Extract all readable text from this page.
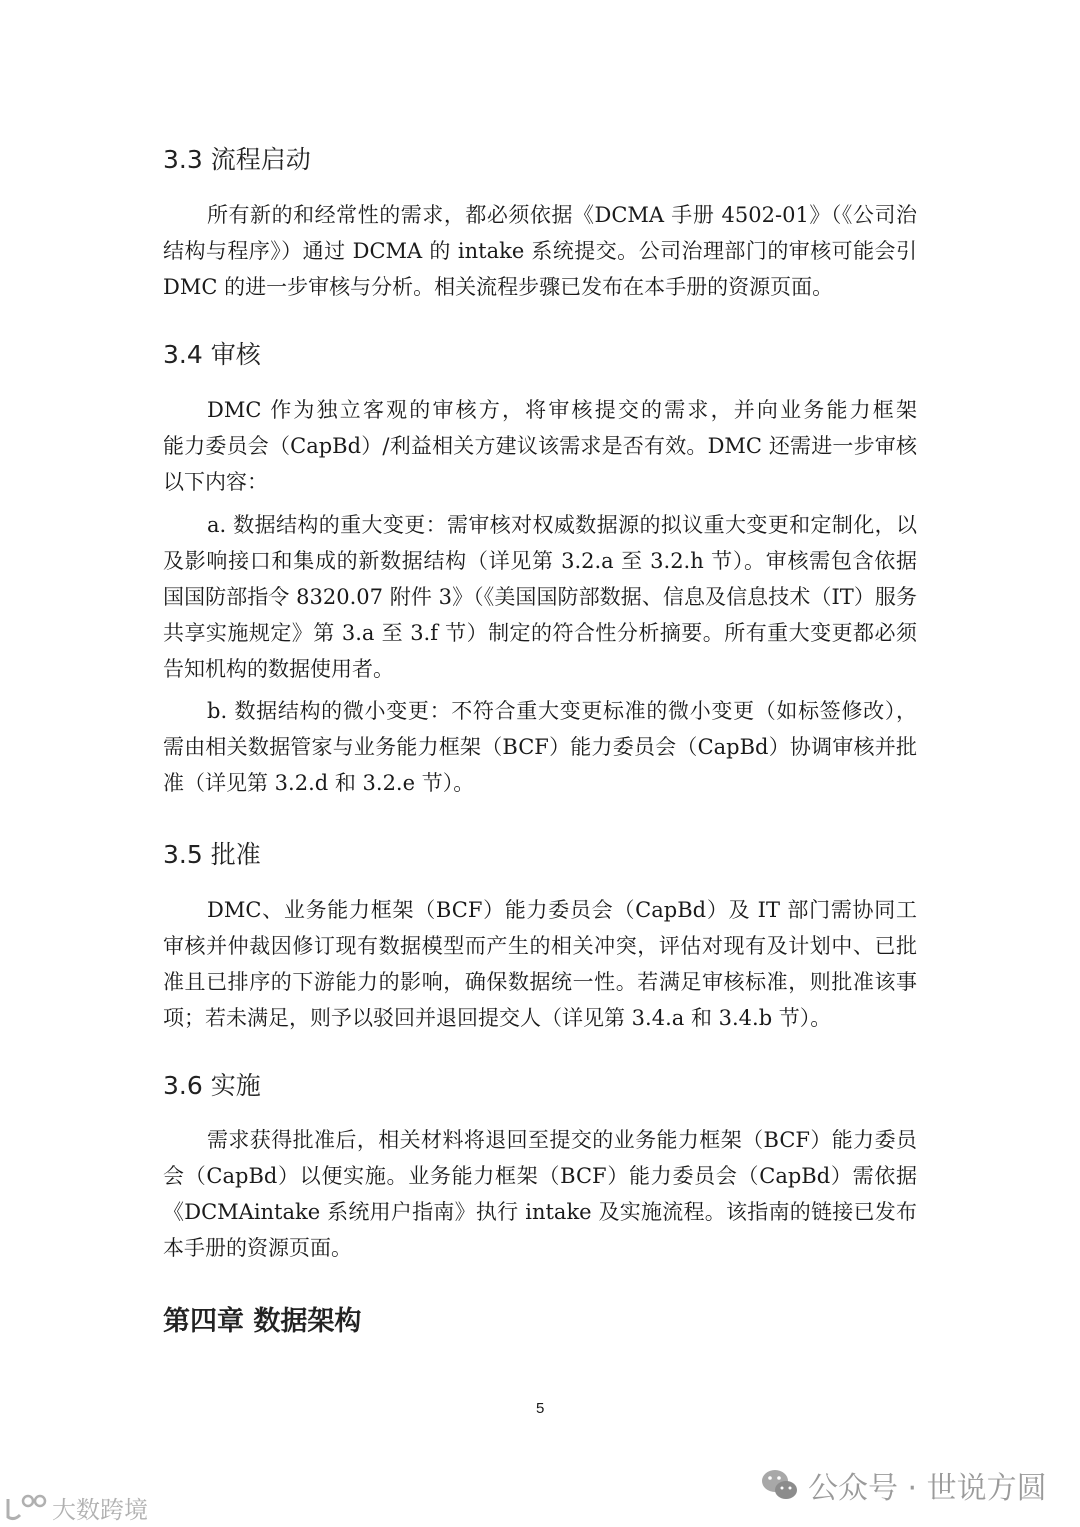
3.3 流程启动
所有新的和经常性的需求，都必须依据《DCMA 手册 4502-01》（《公司治
结构与程序》）通过 DCMA 的 intake 系统提交。公司治理部门的审核可能会引
DMC 的进一步审核与分析。相关流程步骤已发布在本手册的资源页面。
3.4 审核
DMC 作为独立客观的审核方，将审核提交的需求，并向业务能力框架
能力委员会（CapBd）/利益相关方建议该需求是否有效。DMC 还需进一步审核
以下内容：
a. 数据结构的重大变更：需审核对权威数据源的拟议重大变更和定制化，以
及影响接口和集成的新数据结构（详见第 3.2.a 至 3.2.h 节）。审核需包含依据
国国防部指令 8320.07 附件 3》（《美国国防部数据、信息及信息技术（IT）服务
共享实施规定》第 3.a 至 3.f 节）制定的符合性分析摘要。所有重大变更都必须
告知机构的数据使用者。
b. 数据结构的微小变更：不符合重大变更标准的微小变更（如标签修改），
需由相关数据管家与业务能力框架（BCF）能力委员会（CapBd）协调审核并批
准（详见第 3.2.d 和 3.2.e 节）。
3.5 批准
DMC、业务能力框架（BCF）能力委员会（CapBd）及 IT 部门需协同工
审核并仲裁因修订现有数据模型而产生的相关冲突，评估对现有及计划中、已批
准且已排序的下游能力的影响，确保数据统一性。若满足审核标准，则批准该事
项；若未满足，则予以驳回并退回提交人（详见第 3.4.a 和 3.4.b 节）。
3.6 实施
需求获得批准后，相关材料将退回至提交的业务能力框架（BCF）能力委员
会（CapBd）以便实施。业务能力框架（BCF）能力委员会（CapBd）需依据
《DCMAintake 系统用户指南》执行 intake 及实施流程。该指南的链接已发布
本手册的资源页面。
第四章 数据架构
5
公众号 · 世说方圆
大数跨境
